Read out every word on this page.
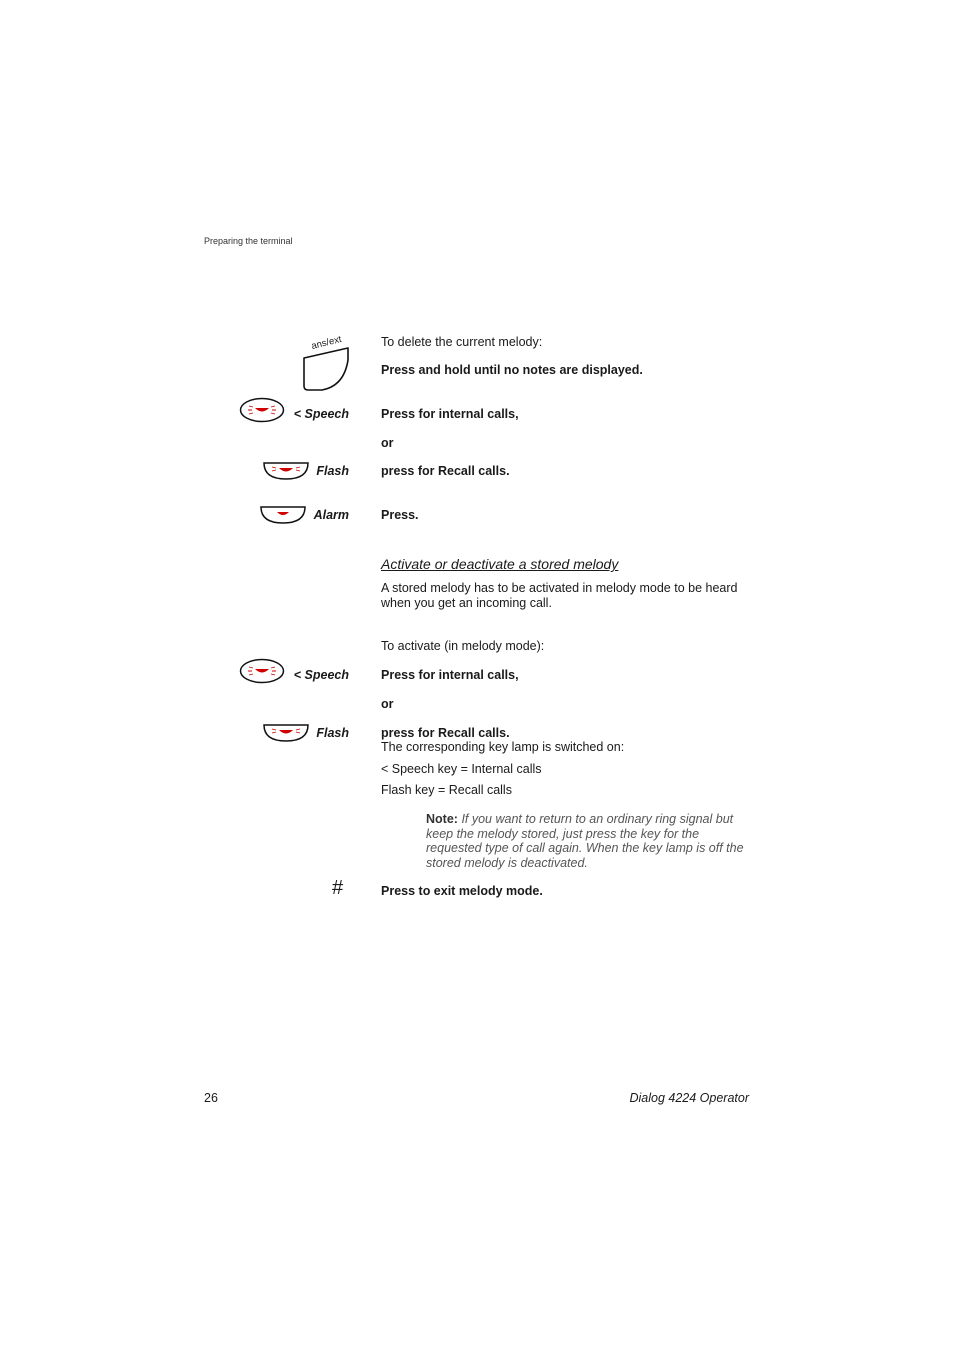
Preparing the terminal
ans/ext	To delete the current melody:
Press and hold until no notes are displayed.
< Speech	Press for internal calls,
or
Flash	press for Recall calls.
Alarm	Press.
Activate or deactivate a stored melody
A stored melody has to be activated in melody mode to be heard when you get an incoming call.
To activate (in melody mode):
< Speech	Press for internal calls,
or
Flash	press for Recall calls.
The corresponding key lamp is switched on:
< Speech key = Internal calls
Flash key = Recall calls
Note: If you want to return to an ordinary ring signal but keep the melody stored, just press the key for the requested type of call again. When the key lamp is off the stored melody is deactivated.
#	Press to exit melody mode.
26	Dialog 4224 Operator
